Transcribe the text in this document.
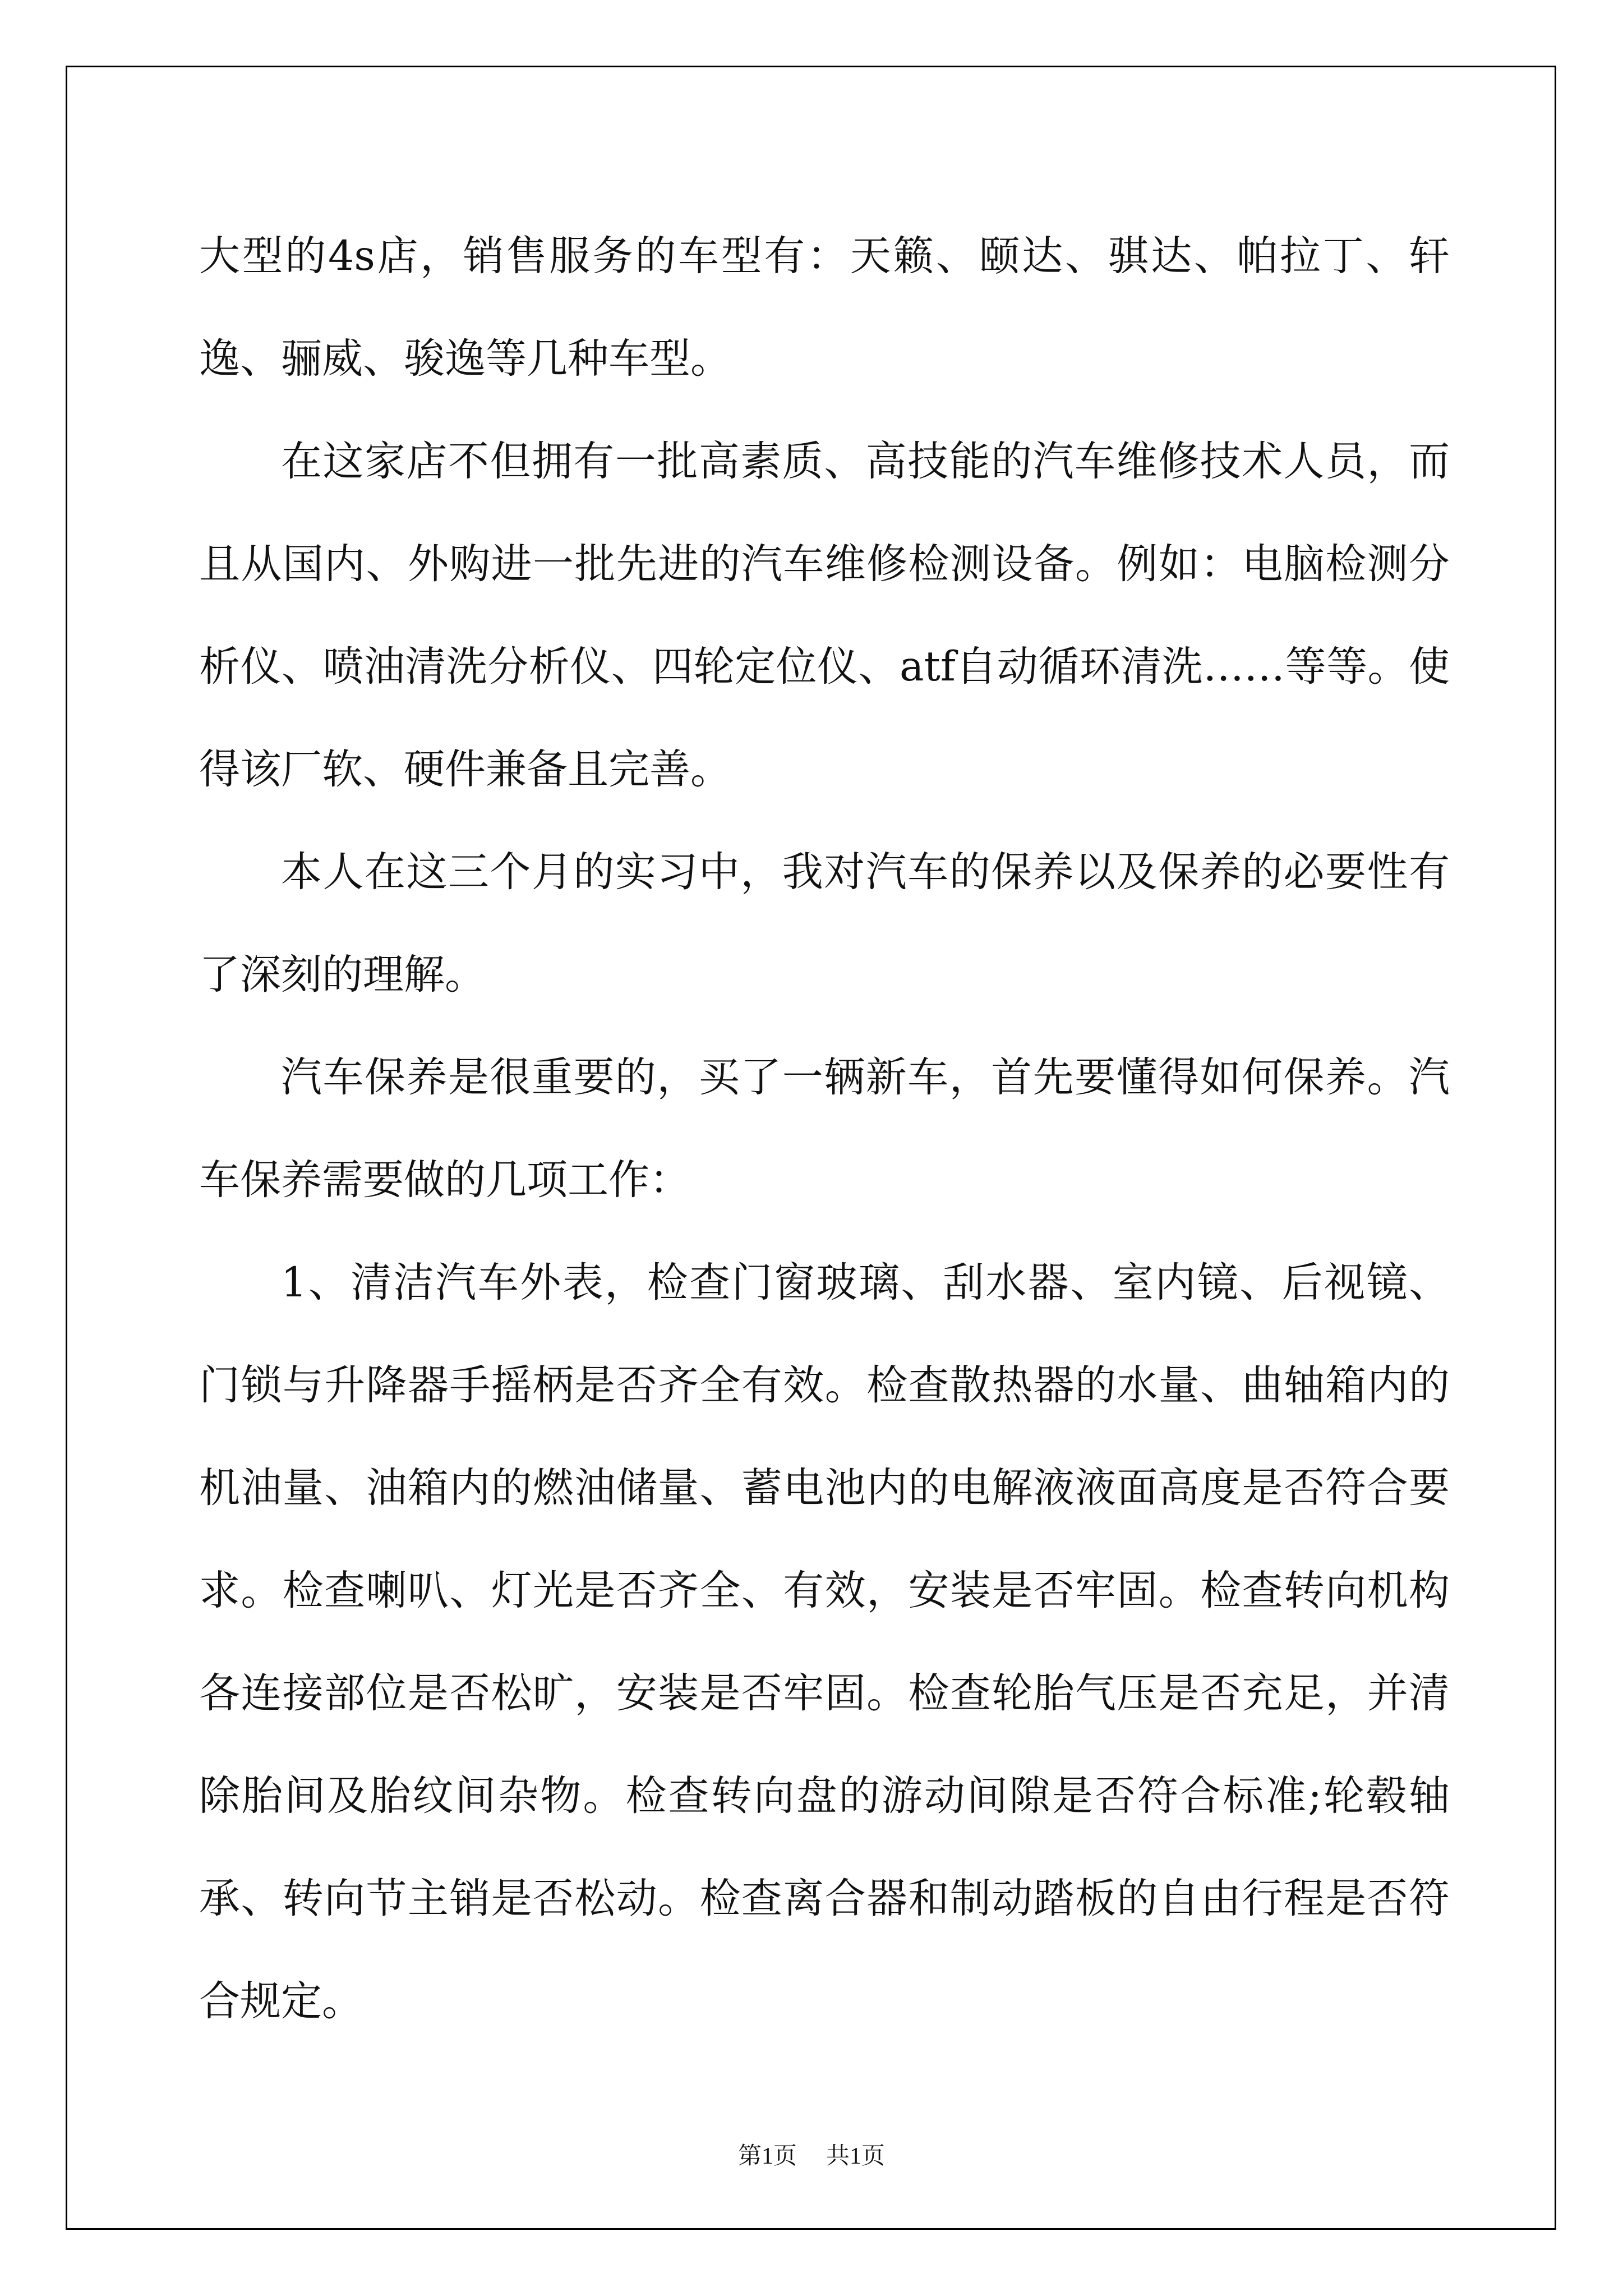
大型的4s店，销售服务的车型有：天籁、颐达、骐达、帕拉丁、轩逸、骊威、骏逸等几种车型。

在这家店不但拥有一批高素质、高技能的汽车维修技术人员，而且从国内、外购进一批先进的汽车维修检测设备。例如：电脑检测分析仪、喷油清洗分析仪、四轮定位仪、atf自动循环清洗……等等。使得该厂软、硬件兼备且完善。

本人在这三个月的实习中，我对汽车的保养以及保养的必要性有了深刻的理解。

汽车保养是很重要的，买了一辆新车，首先要懂得如何保养。汽车保养需要做的几项工作：

1、清洁汽车外表，检查门窗玻璃、刮水器、室内镜、后视镜、门锁与升降器手摇柄是否齐全有效。检查散热器的水量、曲轴箱内的机油量、油箱内的燃油储量、蓄电池内的电解液液面高度是否符合要求。检查喇叭、灯光是否齐全、有效，安装是否牢固。检查转向机构各连接部位是否松旷，安装是否牢固。检查轮胎气压是否充足，并清除胎间及胎纹间杂物。检查转向盘的游动间隙是否符合标准;轮毂轴承、转向节主销是否松动。检查离合器和制动踏板的自由行程是否符合规定。

第1页 共1页
